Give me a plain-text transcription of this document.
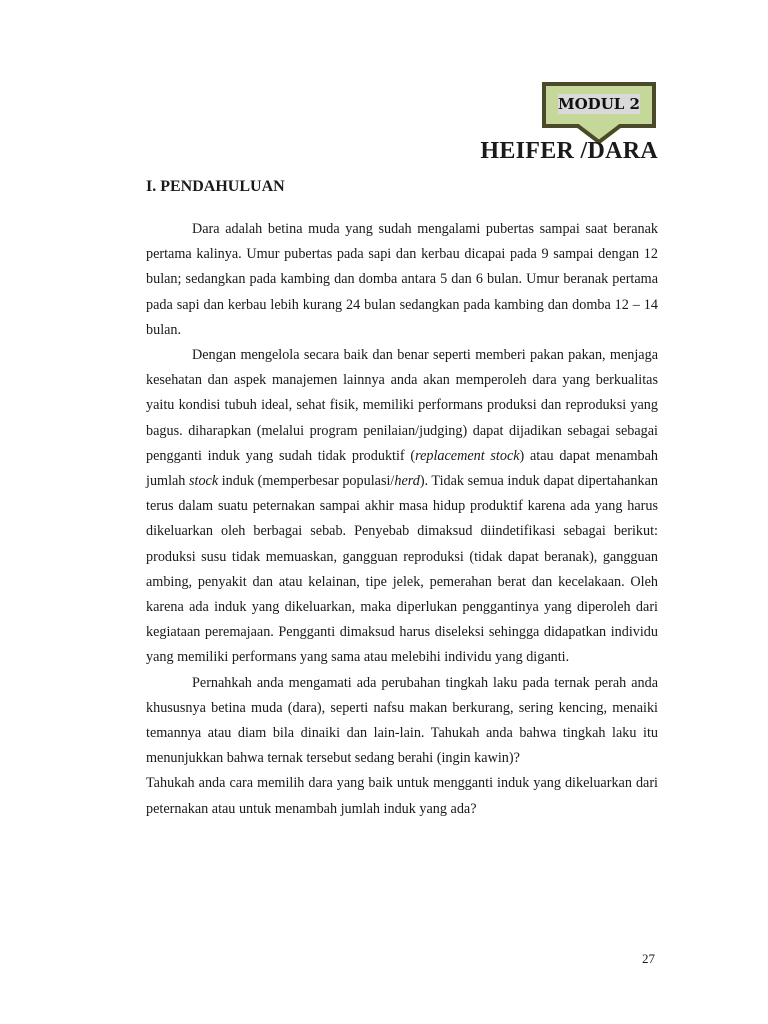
MODUL 2
HEIFER /DARA
I. PENDAHULUAN

Dara adalah betina muda yang sudah mengalami pubertas sampai saat beranak pertama kalinya. Umur pubertas pada sapi dan kerbau dicapai pada 9 sampai dengan 12 bulan; sedangkan pada kambing dan domba antara 5 dan 6 bulan. Umur beranak pertama pada sapi dan kerbau lebih kurang 24 bulan sedangkan pada kambing dan domba 12 – 14 bulan.

Dengan mengelola secara baik dan benar seperti memberi pakan pakan, menjaga kesehatan dan aspek manajemen lainnya anda akan memperoleh dara yang berkualitas yaitu kondisi tubuh ideal, sehat fisik, memiliki performans produksi dan reproduksi yang bagus. diharapkan (melalui program penilaian/judging) dapat dijadikan sebagai sebagai pengganti induk yang sudah tidak produktif (replacement stock) atau dapat menambah jumlah stock induk (memperbesar populasi/herd). Tidak semua induk dapat dipertahankan terus dalam suatu peternakan sampai akhir masa hidup produktif karena ada yang harus dikeluarkan oleh berbagai sebab. Penyebab dimaksud diindetifikasi sebagai berikut: produksi susu tidak memuaskan, gangguan reproduksi (tidak dapat beranak), gangguan ambing, penyakit dan atau kelainan, tipe jelek, pemerahan berat dan kecelakaan. Oleh karena ada induk yang dikeluarkan, maka diperlukan penggantinya yang diperoleh dari kegiataan peremajaan. Pengganti dimaksud harus diseleksi sehingga didapatkan individu yang memiliki performans yang sama atau melebihi individu yang diganti.

Pernahkah anda mengamati ada perubahan tingkah laku pada ternak perah anda khususnya betina muda (dara), seperti nafsu makan berkurang, sering kencing, menaiki temannya atau diam bila dinaiki dan lain-lain. Tahukah anda bahwa tingkah laku itu menunjukkan bahwa ternak tersebut sedang berahi (ingin kawin)?

Tahukah anda cara memilih dara yang baik untuk mengganti induk yang dikeluarkan dari peternakan atau untuk menambah jumlah induk yang ada?

27
